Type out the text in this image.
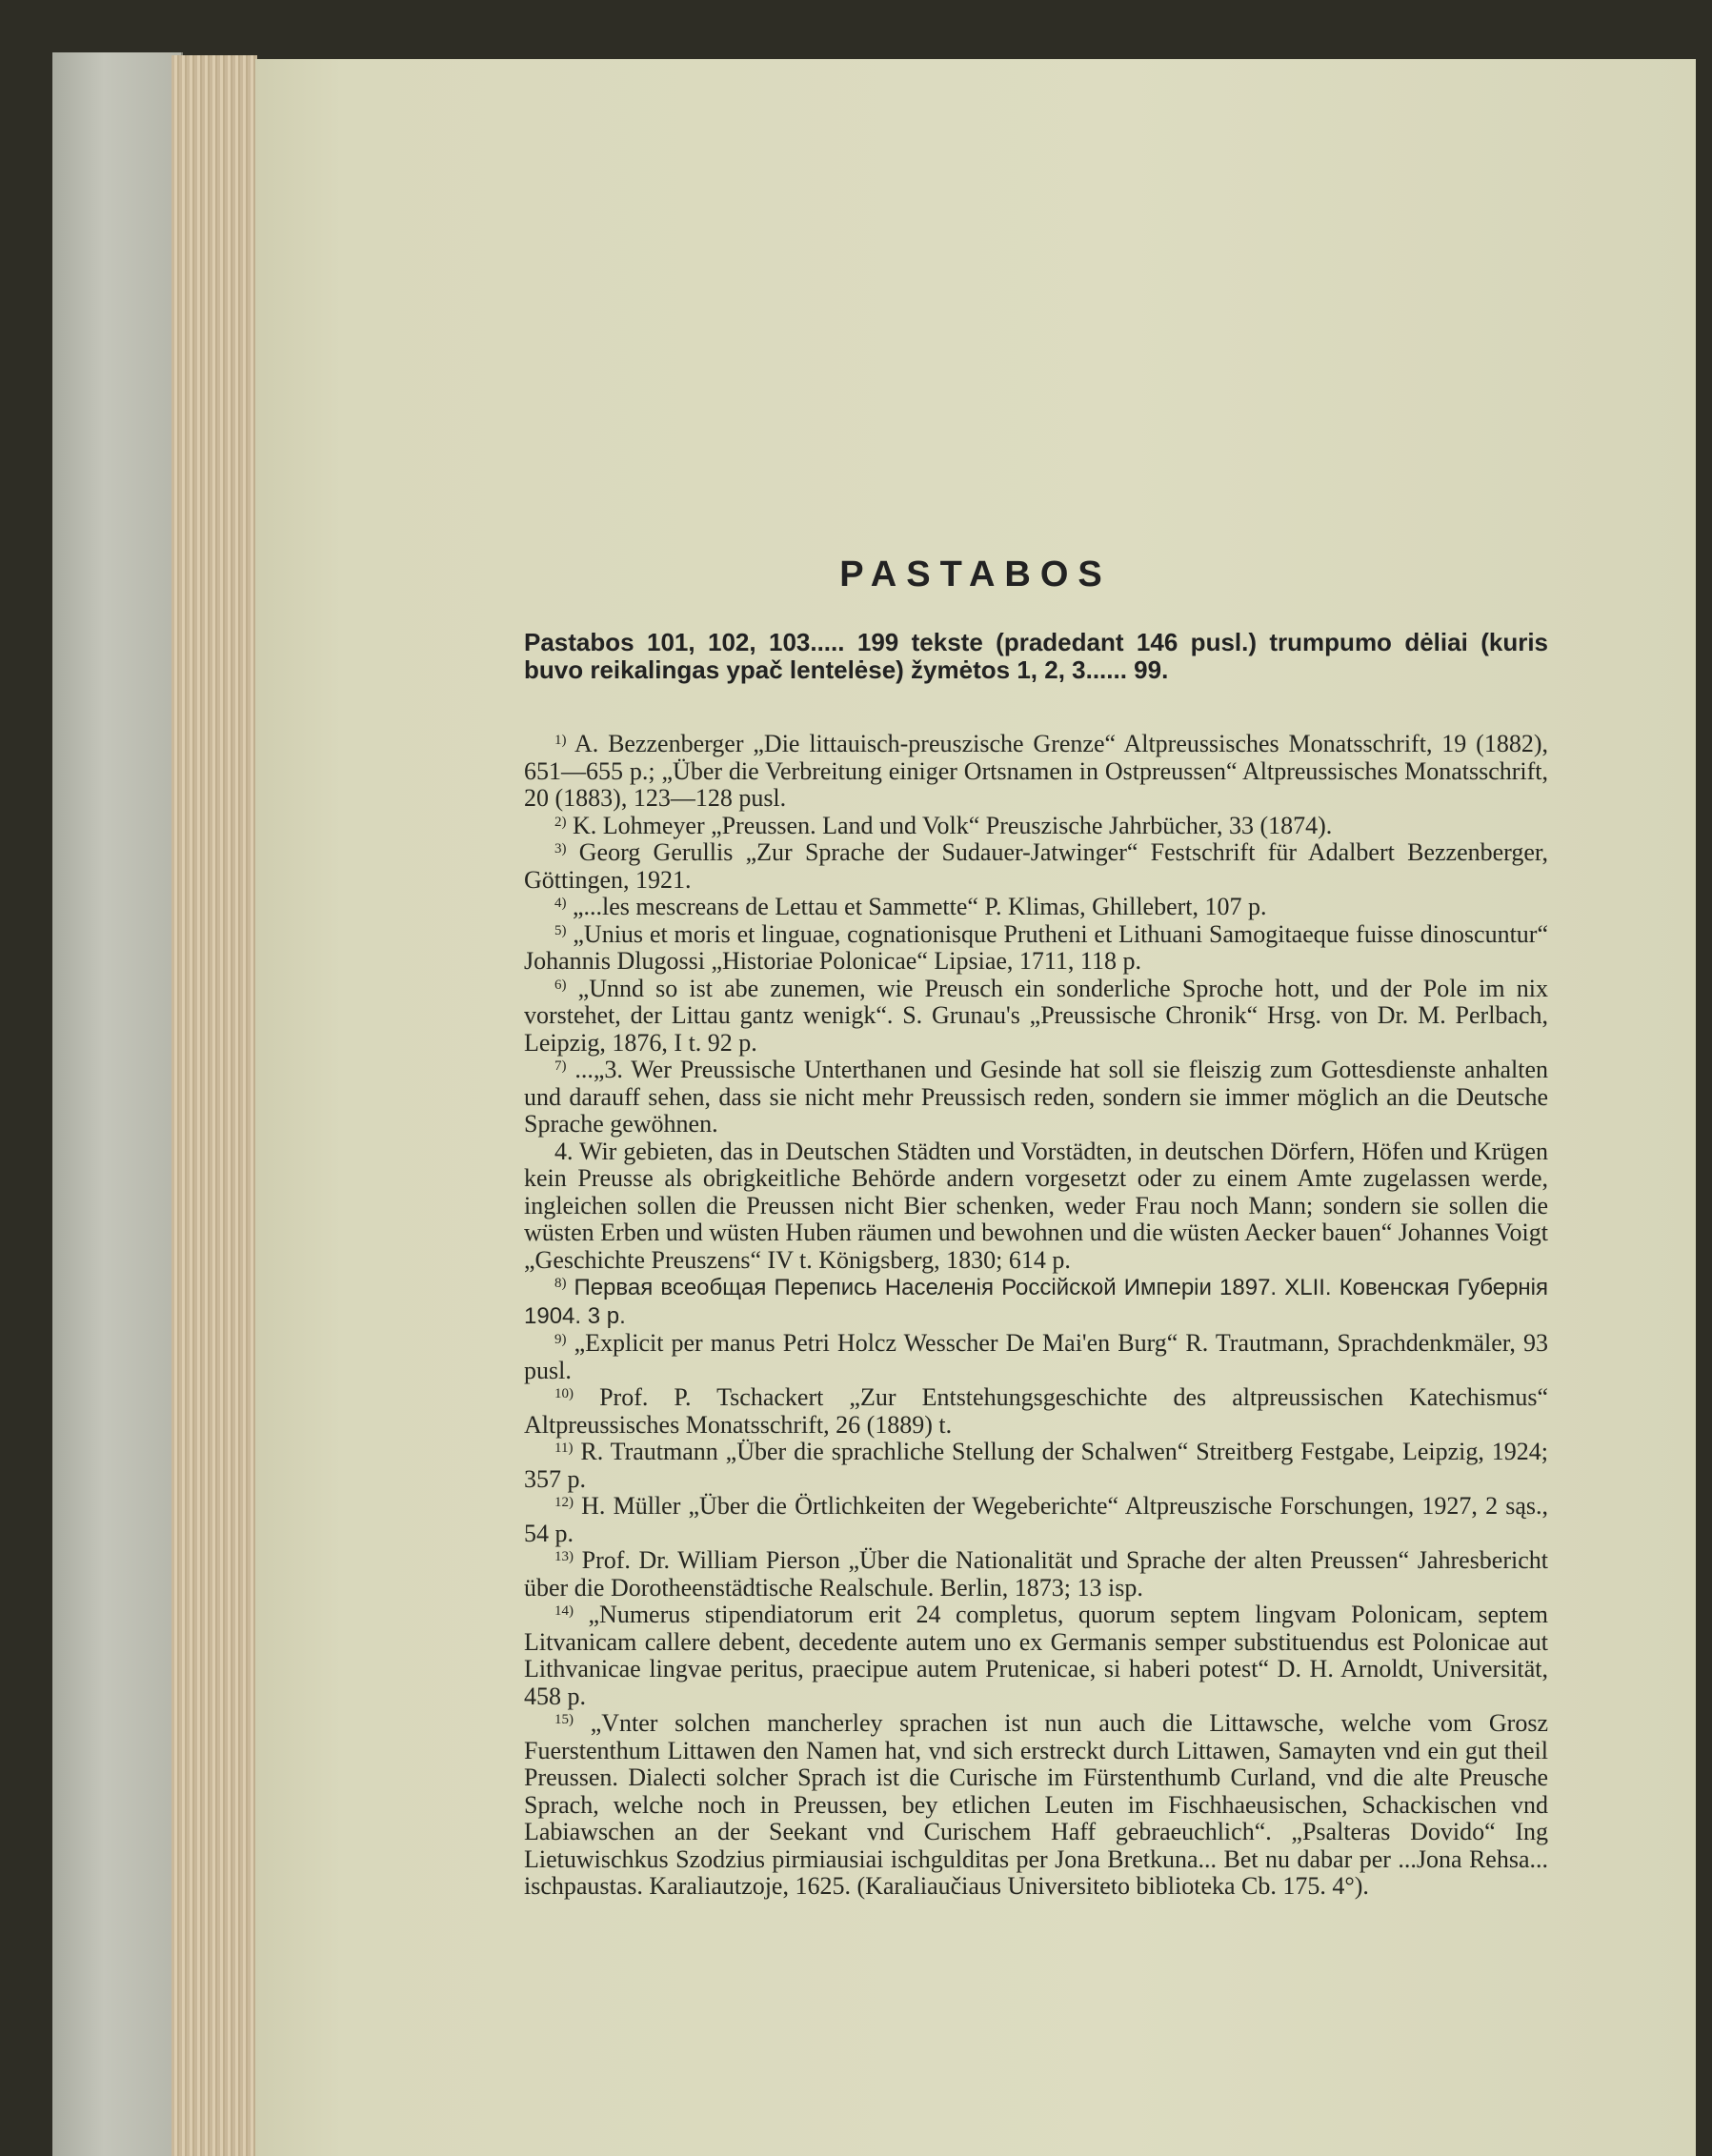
PASTABOS
Pastabos 101, 102, 103..... 199 tekste (pradedant 146 pusl.) trumpumo dėliai (kuris buvo reikalingas ypač lentelėse) žymėtos 1, 2, 3...... 99.

$^{1)}$ A. Bezzenberger „Die littauisch-preuszische Grenze“ Altpreussisches Monatsschrift, 19 (1882), 651—655 p.; „Über die Verbreitung einiger Ortsnamen in Ostpreussen“ Altpreussisches Monatsschrift, 20 (1883), 123—128 pusl.

$^{2)}$ K. Lohmeyer „Preussen. Land und Volk“ Preuszische Jahrbücher, 33 (1874).

$^{3)}$ Georg Gerullis „Zur Sprache der Sudauer-Jatwinger“ Festschrift für Adalbert Bezzenberger, Göttingen, 1921.

$^{4)}$ „...les mescreans de Lettau et Sammette“ P. Klimas, Ghillebert, 107 p.

$^{5)}$ „Unius et moris et linguae, cognationisque Prutheni et Lithuani Samogitaeque fuisse dinoscuntur“ Johannis Dlugossi „Historiae Polonicae“ Lipsiae, 1711, 118 p.

$^{6)}$ „Unnd so ist abe zunemen, wie Preusch ein sonderliche Sproche hott, und der Pole im nix vorstehet, der Littau gantz wenigk“. S. Grunau's „Preussische Chronik“ Hrsg. von Dr. M. Perlbach, Leipzig, 1876, I t. 92 p.

$^{7)}$ ...„3. Wer Preussische Unterthanen und Gesinde hat soll sie fleiszig zum Gottesdienste anhalten und darauff sehen, dass sie nicht mehr Preussisch reden, sondern sie immer möglich an die Deutsche Sprache gewöhnen.

4. Wir gebieten, das in Deutschen Städten und Vorstädten, in deutschen Dörfern, Höfen und Krügen kein Preusse als obrigkeitliche Behörde andern vorgesetzt oder zu einem Amte zugelassen werde, ingleichen sollen die Preussen nicht Bier schenken, weder Frau noch Mann; sondern sie sollen die wüsten Erben und wüsten Huben räumen und bewohnen und die wüsten Aecker bauen“ Johannes Voigt „Geschichte Preuszens“ IV t. Königsberg, 1830; 614 p.

$^{8)}$ Первая всеобщая Перепись Населенія Россійской Имперіи 1897. XLII. Ковенская Губернія 1904. 3 p.

$^{9)}$ „Explicit per manus Petri Holcz Wesscher De Mai'en Burg“ R. Trautmann, Sprachdenkmäler, 93 pusl.

$^{10)}$ Prof. P. Tschackert „Zur Entstehungsgeschichte des altpreussischen Katechismus“ Altpreussisches Monatsschrift, 26 (1889) t.

$^{11)}$ R. Trautmann „Über die sprachliche Stellung der Schalwen“ Streitberg Festgabe, Leipzig, 1924; 357 p.

$^{12)}$ H. Müller „Über die Örtlichkeiten der Wegeberichte“ Altpreuszische Forschungen, 1927, 2 sąs., 54 p.

$^{13)}$ Prof. Dr. William Pierson „Über die Nationalität und Sprache der alten Preussen“ Jahresbericht über die Dorotheenstädtische Realschule. Berlin, 1873; 13 isp.

$^{14)}$ „Numerus stipendiatorum erit 24 completus, quorum septem lingvam Polonicam, septem Litvanicam callere debent, decedente autem uno ex Germanis semper substituendus est Polonicae aut Lithvanicae lingvae peritus, praecipue autem Prutenicae, si haberi potest“ D. H. Arnoldt, Universität, 458 p.

$^{15)}$ „Vnter solchen mancherley sprachen ist nun auch die Littawsche, welche vom Grosz Fuerstenthum Littawen den Namen hat, vnd sich erstreckt durch Littawen, Samayten vnd ein gut theil Preussen. Dialecti solcher Sprach ist die Curische im Fürstenthumb Curland, vnd die alte Preusche Sprach, welche noch in Preussen, bey etlichen Leuten im Fischhaeusischen, Schackischen vnd Labiawschen an der Seekant vnd Curischem Haff gebraeuchlich“. „Psalteras Dovido“ Ing Lietuwischkus Szodzius pirmiausiai ischgulditas per Jona Bretkuna... Bet nu dabar per ...Jona Rehsa... ischpaustas. Karaliautzoje, 1625. (Karaliaučiaus Universiteto biblioteka Cb. 175. 4°).
